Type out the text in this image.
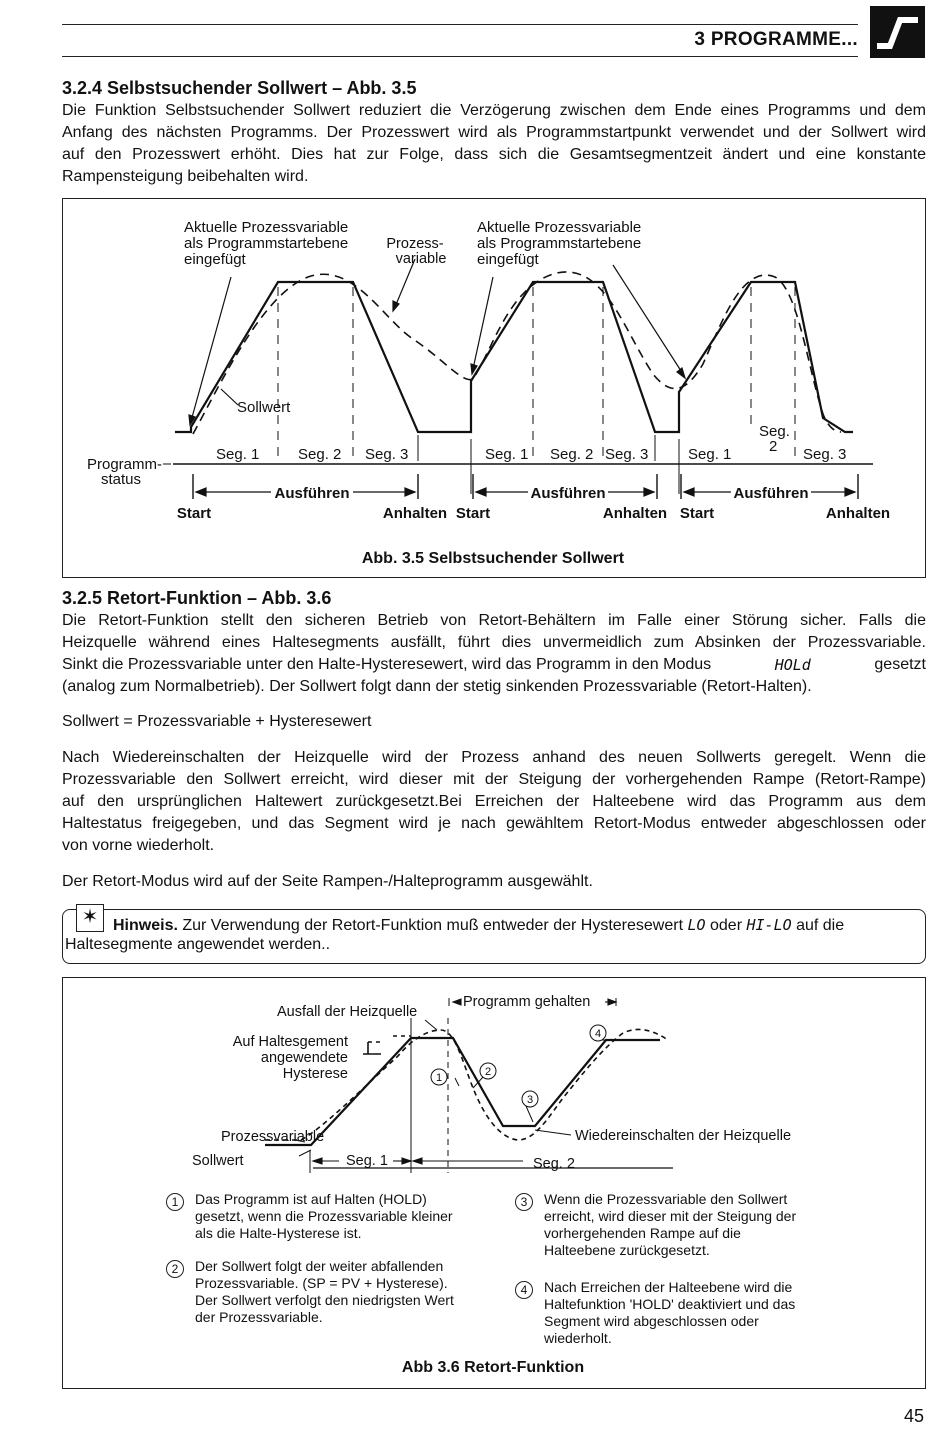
3 PROGRAMME...
3.2.4 Selbstsuchender Sollwert – Abb. 3.5
Die Funktion Selbstsuchender Sollwert reduziert die Verzögerung zwischen dem Ende eines Programms und dem
Anfang des nächsten Programms. Der Prozesswert wird als Programmstartpunkt verwendet und der Sollwert wird
auf den Prozesswert erhöht. Dies hat zur Folge, dass sich die Gesamtsegmentzeit ändert und eine konstante
Rampensteigung beibehalten wird.
Aktuelle Prozessvariable
als Programmstartebene
eingefügt
Aktuelle Prozessvariable
als Programmstartebene
eingefügt
Sollwert
Programm-
status
Seg. 1	Seg. 2 Seg. 3	Seg. 1 Seg. 2 Seg. 3	Seg. 1
Seg.
2 Seg. 3
Prozess-
variable
Ausführen	Ausführen	Ausführen
Start	Anhalten Start	Anhalten Start	Anhalten
Abb. 3.5 Selbstsuchender Sollwert
3.2.5 Retort-Funktion – Abb. 3.6
Die Retort-Funktion stellt den sicheren Betrieb von Retort-Behältern im Falle einer Störung sicher. Falls die
Heizquelle während eines Haltesegments ausfällt, führt dies unvermeidlich zum Absinken der Prozessvariable.
Sinkt die Prozessvariable unter den Halte-Hysteresewert, wird das Programm in den Modus	HOLd	gesetzt
(analog zum Normalbetrieb). Der Sollwert folgt dann der stetig sinkenden Prozessvariable (Retort-Halten).
Sollwert = Prozessvariable + Hysteresewert
Nach Wiedereinschalten der Heizquelle wird der Prozess anhand des neuen Sollwerts geregelt. Wenn die
Prozessvariable den Sollwert erreicht, wird dieser mit der Steigung der vorhergehenden Rampe (Retort-Rampe)
auf den ursprünglichen Haltewert zurückgesetzt.Bei Erreichen der Halteebene wird das Programm aus dem
Haltestatus freigegeben, und das Segment wird je nach gewähltem Retort-Modus entweder abgeschlossen oder
von vorne wiederholt.
Der Retort-Modus wird auf der Seite Rampen-/Halteprogramm ausgewählt.
✶ Hinweis. Zur Verwendung der Retort-Funktion muß entweder der Hysteresewert LO oder HI-LO auf die
Haltesegmente angewendet werden..
1	2
3
4
Ausfall der Heizquelle
Programm gehalten
Prozessvariable
Sollwert
Wiedereinschalten der Heizquelle
Seg. 1	Seg. 2
Auf Haltesgement
angewendete
Hysterese
Abb 3.6 Retort-Funktion
1	Das Programm ist auf Halten (HOLD)
gesetzt, wenn die Prozessvariable kleiner
als die Halte-Hysterese ist.
2	Der Sollwert folgt der weiter abfallenden
Prozessvariable. (SP = PV + Hysterese).
Der Sollwert verfolgt den niedrigsten Wert
der Prozessvariable.
3	Wenn die Prozessvariable den Sollwert
erreicht, wird dieser mit der Steigung der
vorhergehenden Rampe auf die
Halteebene zurückgesetzt.
4	Nach Erreichen der Halteebene wird die
Haltefunktion 'HOLD' deaktiviert und das
Segment wird abgeschlossen oder
wiederholt.
45
